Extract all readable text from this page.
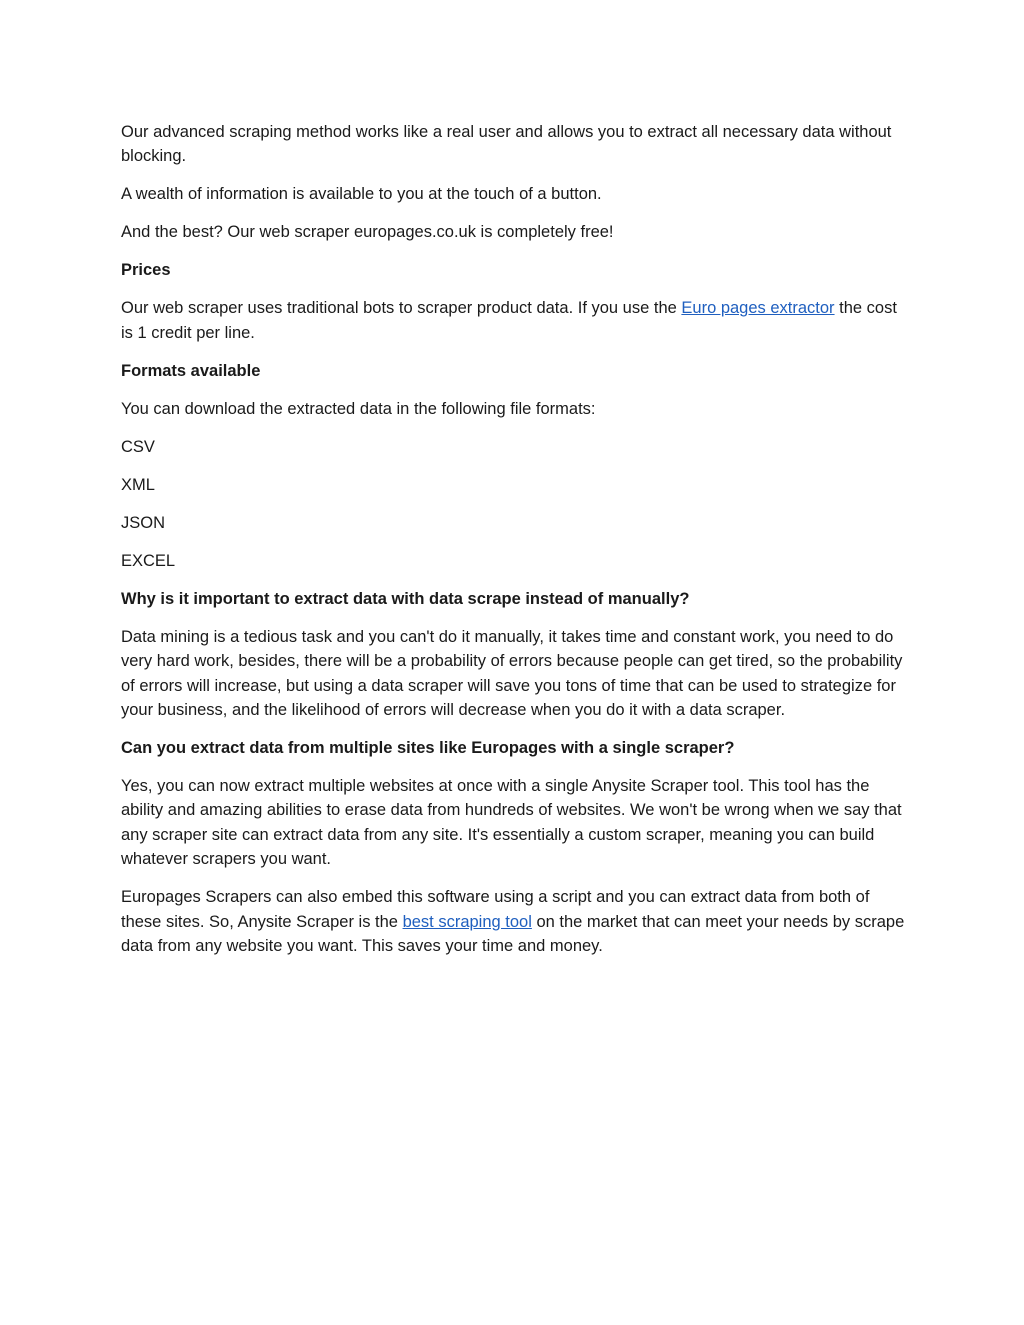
Our advanced scraping method works like a real user and allows you to extract all necessary data without blocking.

A wealth of information is available to you at the touch of a button.

And the best? Our web scraper europages.co.uk is completely free!

Prices

Our web scraper uses traditional bots to scraper product data. If you use the Euro pages extractor the cost is 1 credit per line.

Formats available

You can download the extracted data in the following file formats:

CSV

XML

JSON

EXCEL

Why is it important to extract data with data scrape instead of manually?

Data mining is a tedious task and you can't do it manually, it takes time and constant work, you need to do very hard work, besides, there will be a probability of errors because people can get tired, so the probability of errors will increase, but using a data scraper will save you tons of time that can be used to strategize for your business, and the likelihood of errors will decrease when you do it with a data scraper.

Can you extract data from multiple sites like Europages with a single scraper?

Yes, you can now extract multiple websites at once with a single Anysite Scraper tool. This tool has the ability and amazing abilities to erase data from hundreds of websites. We won't be wrong when we say that any scraper site can extract data from any site. It's essentially a custom scraper, meaning you can build whatever scrapers you want.

Europages Scrapers can also embed this software using a script and you can extract data from both of these sites. So, Anysite Scraper is the best scraping tool on the market that can meet your needs by scrape data from any website you want. This saves your time and money.
